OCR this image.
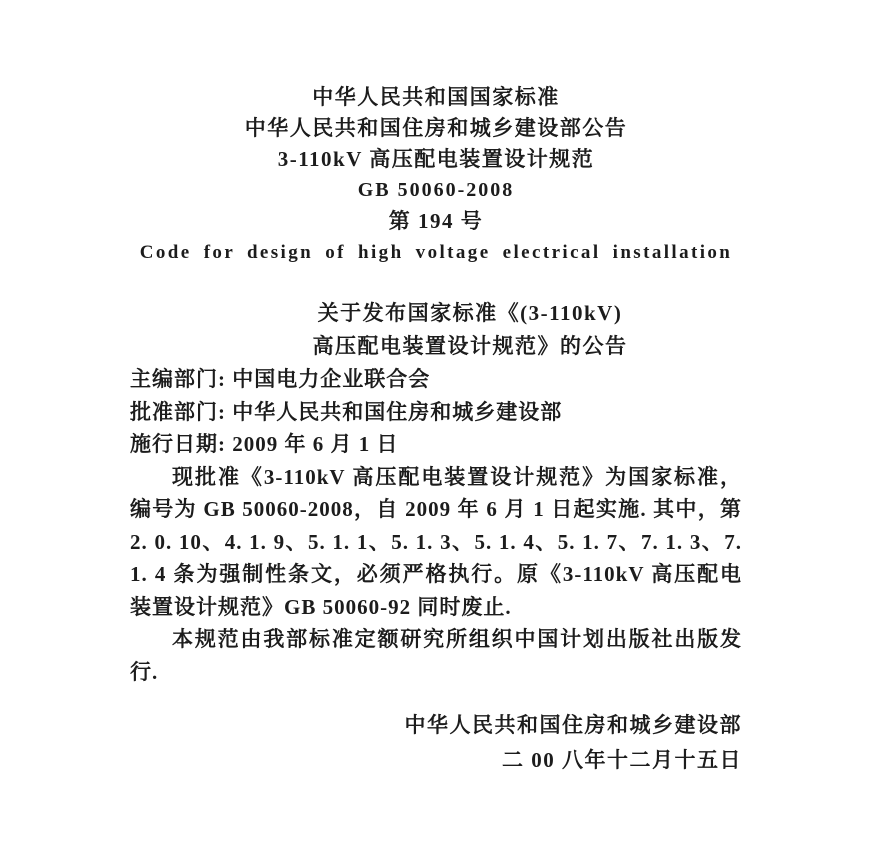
中华人民共和国国家标准
中华人民共和国住房和城乡建设部公告
3-110kV 高压配电装置设计规范
GB 50060-2008
第 194 号
Code for design of high voltage electrical installation
关于发布国家标准《(3-110kV)
高压配电装置设计规范》的公告
主编部门: 中国电力企业联合会
批准部门: 中华人民共和国住房和城乡建设部
施行日期: 2009 年 6 月 1 日

现批准《3-110kV 高压配电装置设计规范》为国家标准，编号为 GB 50060-2008，自 2009 年 6 月 1 日起实施. 其中，第 2. 0. 10、4. 1. 9、5. 1. 1、5. 1. 3、5. 1. 4、5. 1. 7、7. 1. 3、7. 1. 4 条为强制性条文，必须严格执行。原《3-110kV 高压配电装置设计规范》GB 50060-92 同时废止.

本规范由我部标准定额研究所组织中国计划出版社出版发行.

中华人民共和国住房和城乡建设部
二 00 八年十二月十五日
